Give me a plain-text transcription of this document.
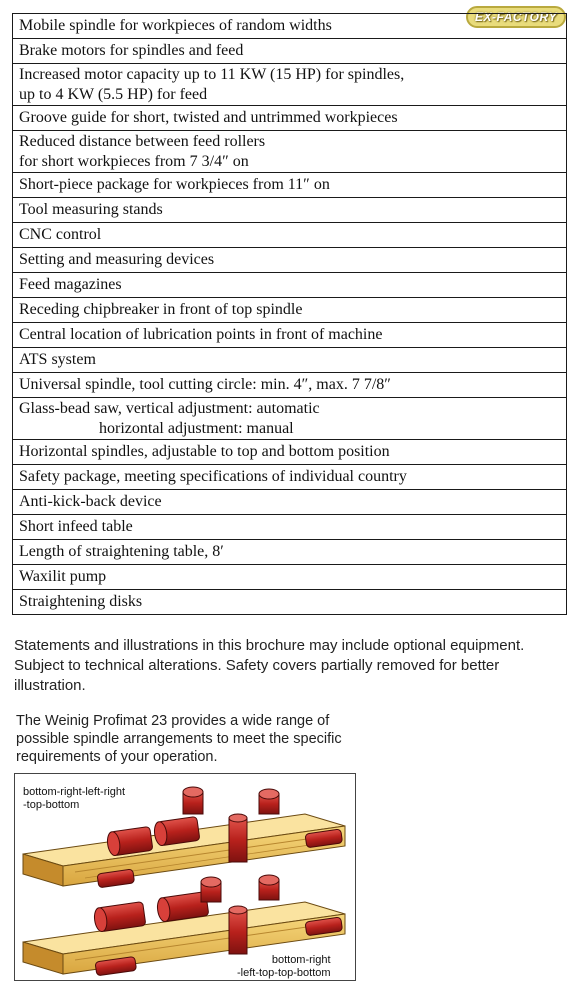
EX-FACTORY
Mobile spindle for workpieces of random widths
Brake motors for spindles and feed
Increased motor capacity up to 11 KW (15 HP) for spindles,
up to 4 KW (5.5 HP) for feed
Groove guide for short, twisted and untrimmed workpieces
Reduced distance between feed rollers
for short workpieces from 7 3/4″ on
Short-piece package for workpieces from 11″ on
Tool measuring stands
CNC control
Setting and measuring devices
Feed magazines
Receding chipbreaker in front of top spindle
Central location of lubrication points in front of machine
ATS system
Universal spindle, tool cutting circle: min. 4″, max. 7 7/8″
Glass-bead saw, vertical adjustment: automatic
horizontal adjustment: manual
Horizontal spindles, adjustable to top and bottom position
Safety package, meeting specifications of individual country
Anti-kick-back device
Short infeed table
Length of straightening table, 8′
Waxilit pump
Straightening disks
Statements and illustrations in this brochure may include optional equipment. Subject to technical alterations. Safety covers partially removed for better illustration.
The Weinig Profimat 23 provides a wide range of possible spindle arrangements to meet the specific requirements of your operation.
bottom-right-left-right
-top-bottom
bottom-right
-left-top-top-bottom
